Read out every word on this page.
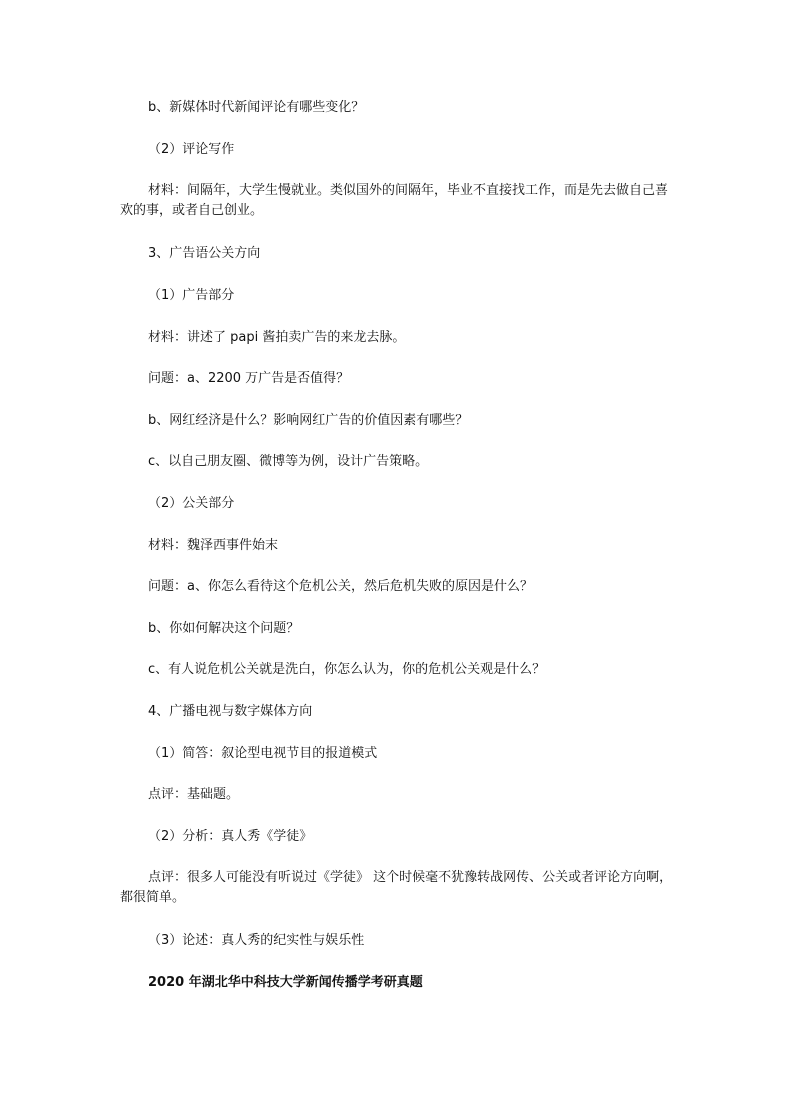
b、新媒体时代新闻评论有哪些变化？

（2）评论写作

材料：间隔年，大学生慢就业。类似国外的间隔年，毕业不直接找工作，而是先去做自己喜欢的事，或者自己创业。

3、广告语公关方向

（1）广告部分

材料：讲述了 papi 酱拍卖广告的来龙去脉。

问题：a、2200 万广告是否值得？

b、网红经济是什么？影响网红广告的价值因素有哪些？

c、以自己朋友圈、微博等为例，设计广告策略。

（2）公关部分

材料：魏泽西事件始末

问题：a、你怎么看待这个危机公关，然后危机失败的原因是什么？

b、你如何解决这个问题？

c、有人说危机公关就是洗白，你怎么认为，你的危机公关观是什么？

4、广播电视与数字媒体方向

（1）简答：叙论型电视节目的报道模式

点评：基础题。

（2）分析：真人秀《学徒》

点评：很多人可能没有听说过《学徒》 这个时候毫不犹豫转战网传、公关或者评论方向啊，都很简单。

（3）论述：真人秀的纪实性与娱乐性

2020 年湖北华中科技大学新闻传播学考研真题
